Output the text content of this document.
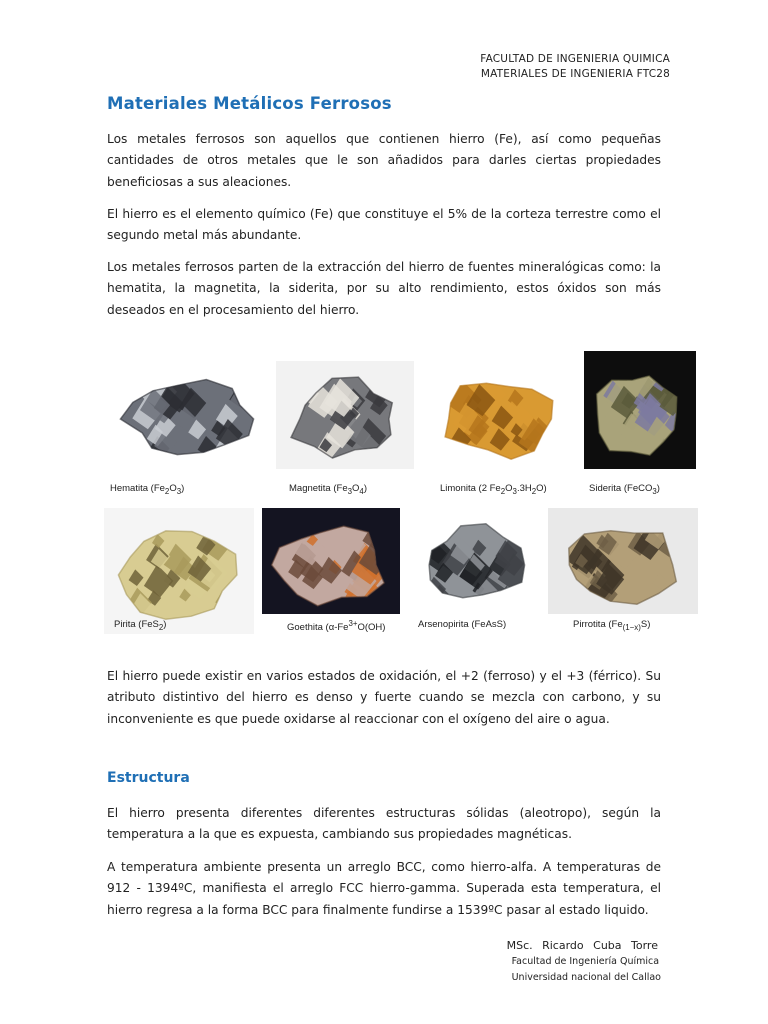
FACULTAD DE INGENIERIA QUIMICA
MATERIALES DE INGENIERIA FTC28
Materiales Metálicos Ferrosos

Los metales ferrosos son aquellos que contienen hierro (Fe), así como pequeñas cantidades de otros metales que le son añadidos para darles ciertas propiedades beneficiosas a sus aleaciones.

El hierro es el elemento químico (Fe) que constituye el 5% de la corteza terrestre como el segundo metal más abundante.

Los metales ferrosos parten de la extracción del hierro de fuentes mineralógicas como: la hematita, la magnetita, la siderita, por su alto rendimiento, estos óxidos son más deseados en el procesamiento del hierro.

Hematita $(Fe_2O_3)$	Magnetita $(Fe_3O_4)$	Limonita (2 $Fe_2O_3.3H_2O$)	Siderita (FeCO$_3$)
Pirita (FeS$_2$)	Goethita ($\alpha-Fe^{3+}O(OH)$	Arsenopirita (FeAsS)	Pirrotita $(Fe_{(1-x)}S)$

El hierro puede existir en varios estados de oxidación, el +2 (ferroso) y el +3 (férrico). Su atributo distintivo del hierro es denso y fuerte cuando se mezcla con carbono, y su inconveniente es que puede oxidarse al reaccionar con el oxígeno del aire o agua.

Estructura

El hierro presenta diferentes diferentes estructuras sólidas (aleotropo), según la temperatura a la que es expuesta, cambiando sus propiedades magnéticas.

A temperatura ambiente presenta un arreglo BCC, como hierro-alfa. A temperaturas de 912 - 1394ºC, manifiesta el arreglo FCC hierro-gamma. Superada esta temperatura, el hierro regresa a la forma BCC para finalmente fundirse a 1539ºC pasar al estado liquido.

MSc. Ricardo Cuba Torre
Facultad de Ingeniería Química
Universidad nacional del Callao
